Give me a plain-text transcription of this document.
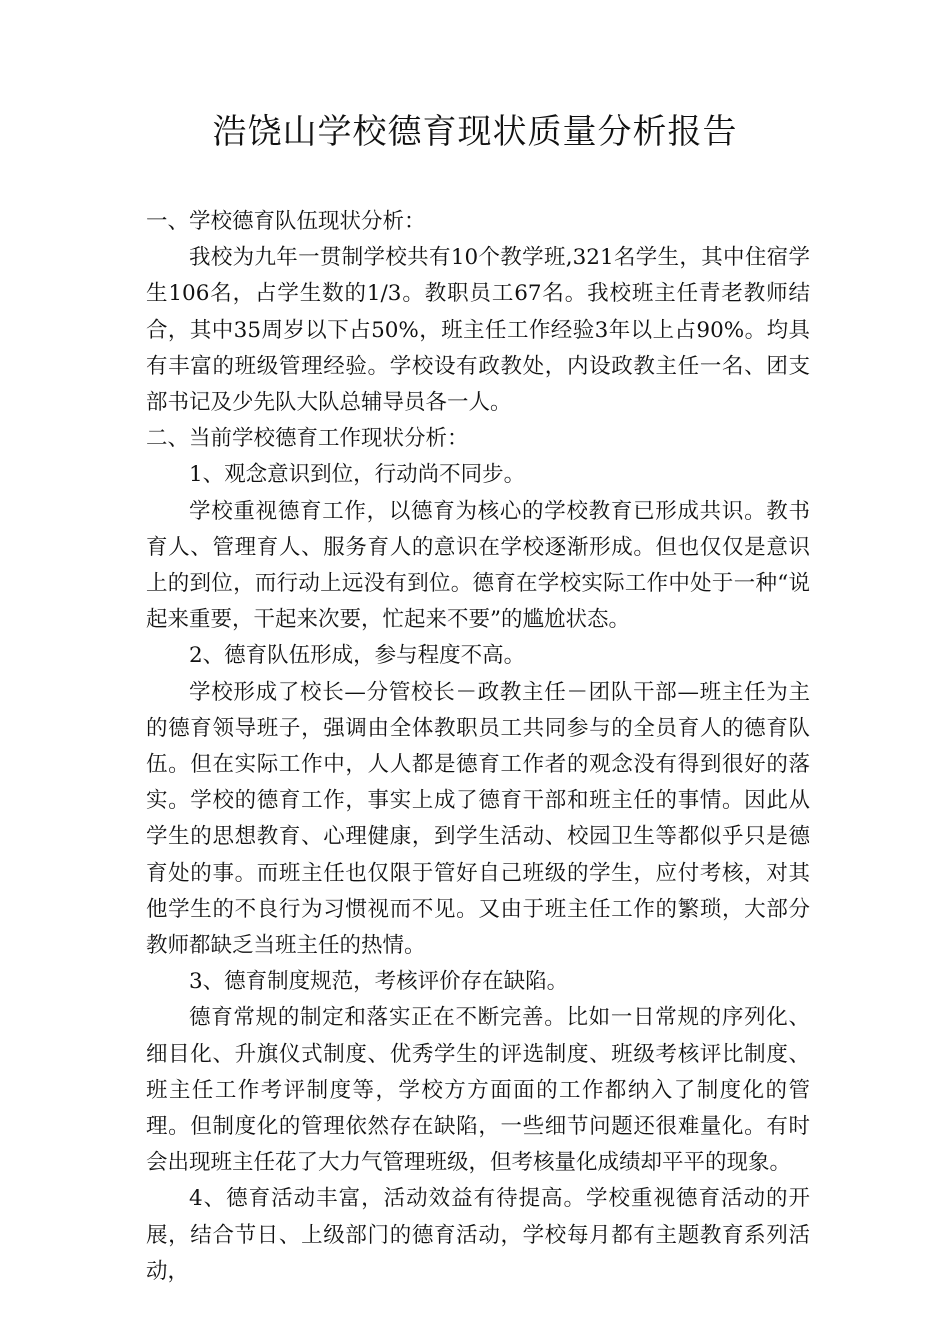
浩饶山学校德育现状质量分析报告

一、学校德育队伍现状分析：

我校为九年一贯制学校共有10个教学班,321名学生，其中住宿学生106名，占学生数的1/3。教职员工67名。我校班主任青老教师结合，其中35周岁以下占50%，班主任工作经验3年以上占90%。均具有丰富的班级管理经验。学校设有政教处，内设政教主任一名、团支部书记及少先队大队总辅导员各一人。

二、当前学校德育工作现状分析：

1、观念意识到位，行动尚不同步。

学校重视德育工作，以德育为核心的学校教育已形成共识。教书育人、管理育人、服务育人的意识在学校逐渐形成。但也仅仅是意识上的到位，而行动上远没有到位。德育在学校实际工作中处于一种“说起来重要，干起来次要，忙起来不要”的尴尬状态。

2、德育队伍形成，参与程度不高。

学校形成了校长—分管校长－政教主任－团队干部—班主任为主的德育领导班子，强调由全体教职员工共同参与的全员育人的德育队伍。但在实际工作中，人人都是德育工作者的观念没有得到很好的落实。学校的德育工作，事实上成了德育干部和班主任的事情。因此从学生的思想教育、心理健康，到学生活动、校园卫生等都似乎只是德育处的事。而班主任也仅限于管好自己班级的学生，应付考核，对其他学生的不良行为习惯视而不见。又由于班主任工作的繁琐，大部分教师都缺乏当班主任的热情。

3、德育制度规范，考核评价存在缺陷。

德育常规的制定和落实正在不断完善。比如一日常规的序列化、细目化、升旗仪式制度、优秀学生的评选制度、班级考核评比制度、班主任工作考评制度等，学校方方面面的工作都纳入了制度化的管理。但制度化的管理依然存在缺陷，一些细节问题还很难量化。有时会出现班主任花了大力气管理班级，但考核量化成绩却平平的现象。

4、德育活动丰富，活动效益有待提高。学校重视德育活动的开展，结合节日、上级部门的德育活动，学校每月都有主题教育系列活动，
